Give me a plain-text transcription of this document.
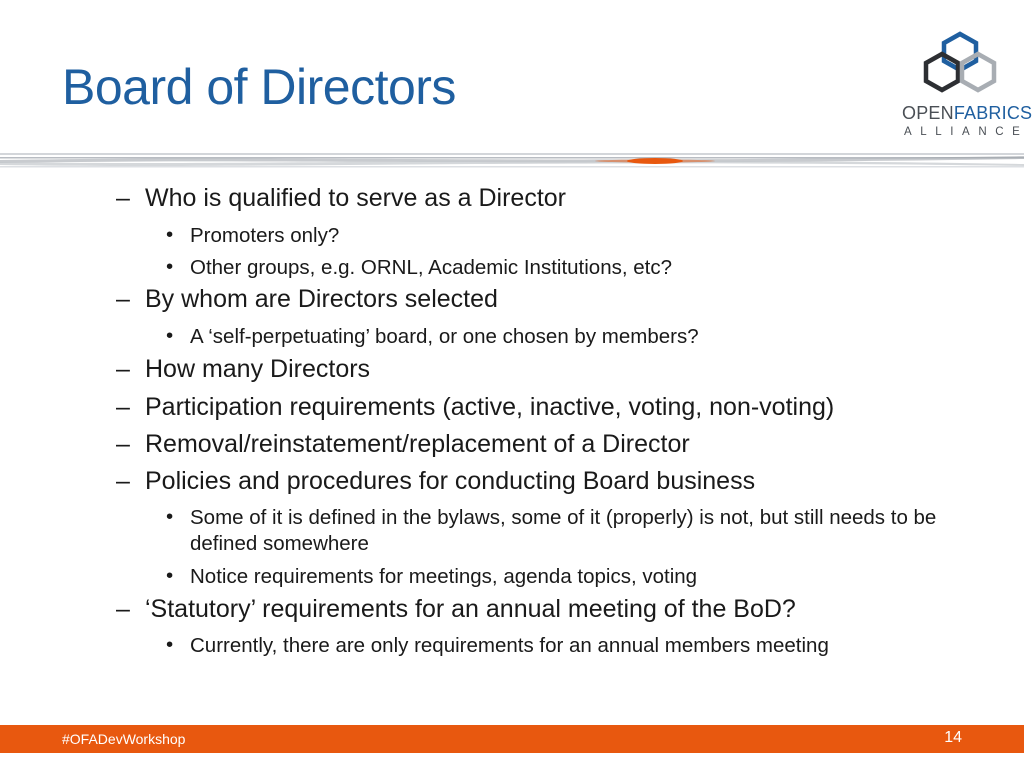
Board of Directors	OPENFABRICS
ALLIANCE
– Who is qualified to serve as a Director
• Promoters only?
• Other groups, e.g. ORNL, Academic Institutions, etc?
– By whom are Directors selected
• A ‘self-perpetuating’ board, or one chosen by members?
– How many Directors
– Participation requirements (active, inactive, voting, non-voting)
– Removal/reinstatement/replacement of a Director
– Policies and procedures for conducting Board business
• Some of it is defined in the bylaws, some of it (properly) is not, but still needs to be defined somewhere
• Notice requirements for meetings, agenda topics, voting
– ‘Statutory’ requirements for an annual meeting of the BoD?
• Currently, there are only requirements for an annual members meeting
#OFADevWorkshop	14
